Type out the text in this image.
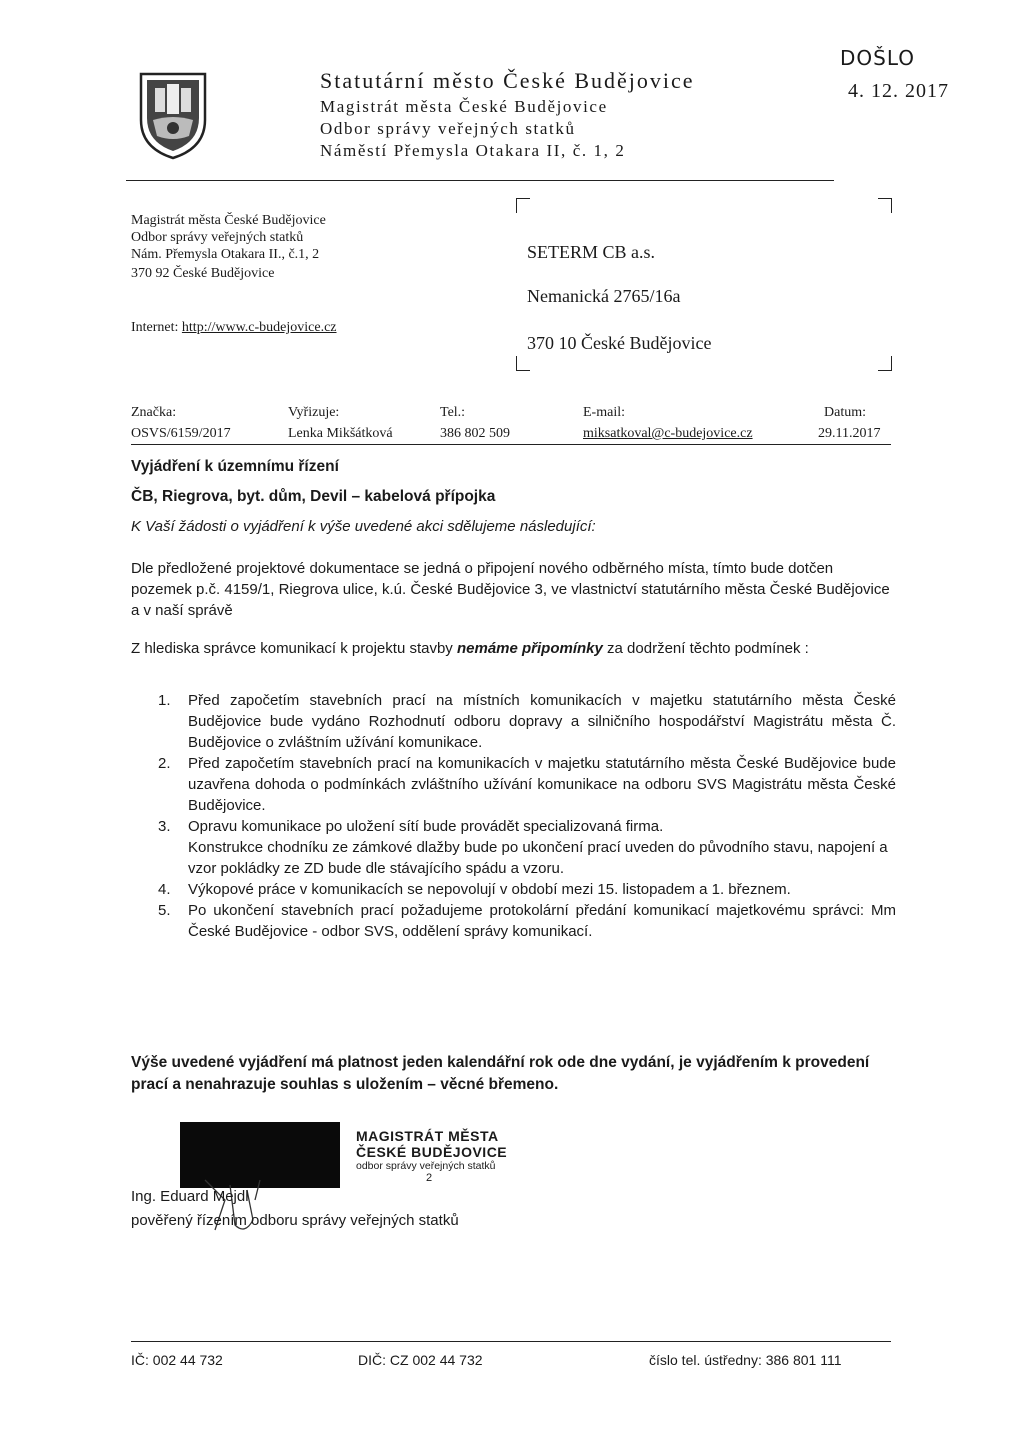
Statutární město České Budějovice
Magistrát města České Budějovice
Odbor správy veřejných statků
Náměstí Přemysla Otakara II, č. 1, 2
DOŠLO
4. 12. 2017
Magistrát města České Budějovice
Odbor správy veřejných statků
Nám. Přemysla Otakara II., č.1, 2
370 92 České Budějovice
Internet: http://www.c-budejovice.cz
SETERM CB a.s.
Nemanická 2765/16a
370 10 České Budějovice
Značka:
OSVS/6159/2017
Vyřizuje:
Lenka Mikšátková
Tel.:
386 802 509
E-mail:
miksatkoval@c-budejovice.cz
Datum:
29.11.2017
Vyjádření k územnímu řízení
ČB, Riegrova, byt. dům, Devil – kabelová přípojka
K Vaší žádosti o vyjádření k výše uvedené akci sdělujeme následující:
Dle předložené projektové dokumentace se jedná o připojení nového odběrného místa, tímto bude dotčen pozemek p.č. 4159/1, Riegrova ulice, k.ú. České Budějovice 3, ve vlastnictví statutárního města České Budějovice a v naší správě
Z hlediska správce komunikací k projektu stavby nemáme připomínky za dodržení těchto podmínek :
1. Před započetím stavebních prací na místních komunikacích v majetku statutárního města České Budějovice bude vydáno Rozhodnutí odboru dopravy a silničního hospodářství Magistrátu města Č. Budějovice o zvláštním užívání komunikace.
2. Před započetím stavebních prací na komunikacích v majetku statutárního města České Budějovice bude uzavřena dohoda o podmínkách zvláštního užívání komunikace na odboru SVS Magistrátu města České Budějovice.
3. Opravu komunikace po uložení sítí bude provádět specializovaná firma.
Konstrukce chodníku ze zámkové dlažby bude po ukončení prací uveden do původního stavu, napojení a vzor pokládky ze ZD bude dle stávajícího spádu a vzoru.
4. Výkopové práce v komunikacích se nepovolují v období mezi 15. listopadem a 1. březnem.
5. Po ukončení stavebních prací požadujeme protokolární předání komunikací majetkovému správci: Mm České Budějovice - odbor SVS, oddělení správy komunikací.
Výše uvedené vyjádření má platnost jeden kalendářní rok ode dne vydání, je vyjádřením k provedení prací a nenahrazuje souhlas s uložením – věcné břemeno.
MAGISTRÁT MĚSTA
ČESKÉ BUDĚJOVICE
odbor správy veřejných statků
2
Ing. Eduard Mejdl
pověřený řízením odboru správy veřejných statků
IČ: 002 44 732	DIČ: CZ 002 44 732	číslo tel. ústředny: 386 801 111
